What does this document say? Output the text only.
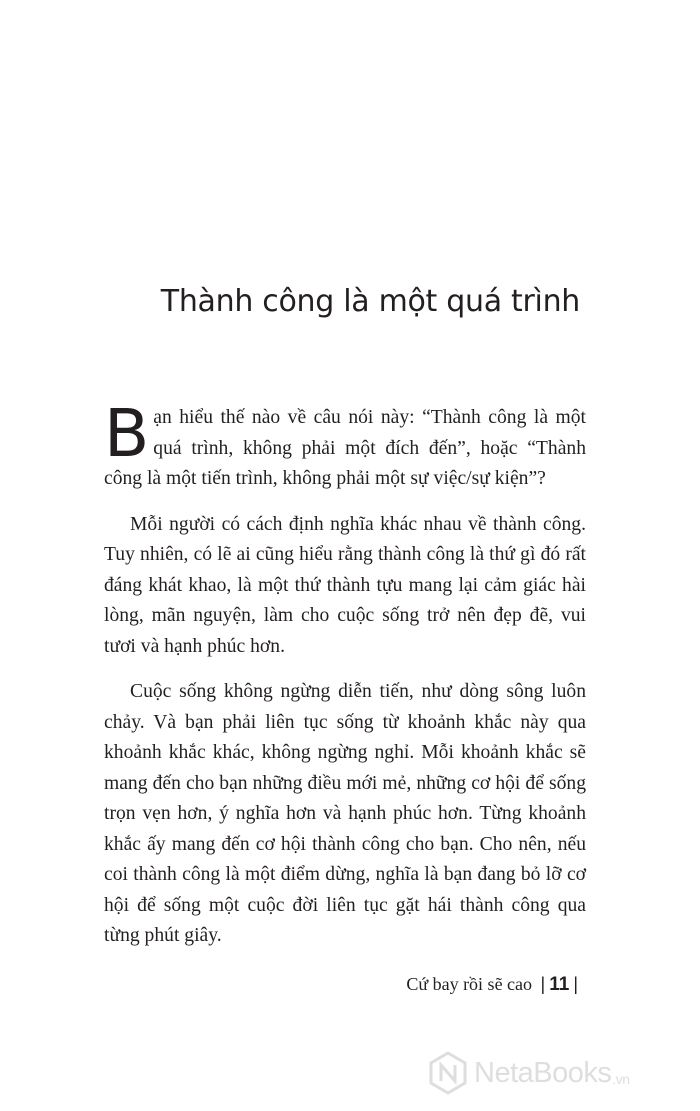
Thành công là một quá trình

Bạn hiểu thế nào về câu nói này: “Thành công là một quá trình, không phải một đích đến”, hoặc “Thành công là một tiến trình, không phải một sự việc/sự kiện”?

Mỗi người có cách định nghĩa khác nhau về thành công. Tuy nhiên, có lẽ ai cũng hiểu rằng thành công là thứ gì đó rất đáng khát khao, là một thứ thành tựu mang lại cảm giác hài lòng, mãn nguyện, làm cho cuộc sống trở nên đẹp đẽ, vui tươi và hạnh phúc hơn.

Cuộc sống không ngừng diễn tiến, như dòng sông luôn chảy. Và bạn phải liên tục sống từ khoảnh khắc này qua khoảnh khắc khác, không ngừng nghỉ. Mỗi khoảnh khắc sẽ mang đến cho bạn những điều mới mẻ, những cơ hội để sống trọn vẹn hơn, ý nghĩa hơn và hạnh phúc hơn. Từng khoảnh khắc ấy mang đến cơ hội thành công cho bạn. Cho nên, nếu coi thành công là một điểm dừng, nghĩa là bạn đang bỏ lỡ cơ hội để sống một cuộc đời liên tục gặt hái thành công qua từng phút giây.

Cứ bay rồi sẽ cao | 11 |
NetaBooks.vn
